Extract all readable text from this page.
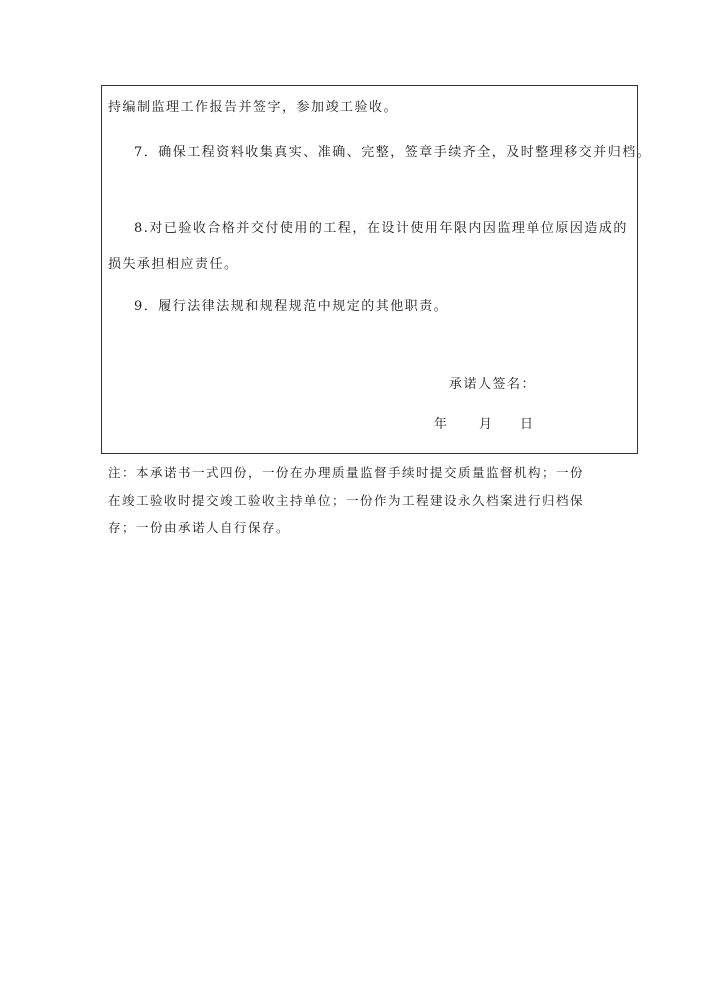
持编制监理工作报告并签字，参加竣工验收。
7．确保工程资料收集真实、准确、完整，签章手续齐全，及时整理移交并归档。
8.对已验收合格并交付使用的工程，在设计使用年限内因监理单位原因造成的
损失承担相应责任。
9．履行法律法规和规程规范中规定的其他职责。
承诺人签名：
年 月 日
注：本承诺书一式四份，一份在办理质量监督手续时提交质量监督机构；一份
在竣工验收时提交竣工验收主持单位；一份作为工程建设永久档案进行归档保
存；一份由承诺人自行保存。
